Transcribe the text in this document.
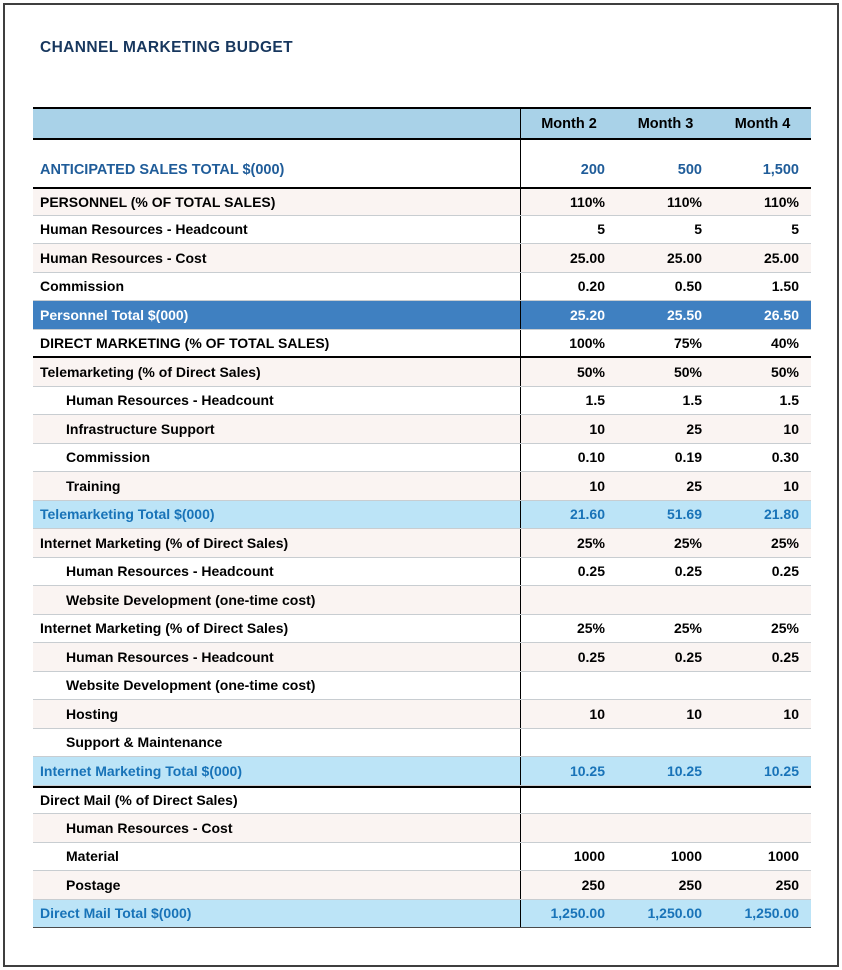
CHANNEL MARKETING BUDGET
Month 2	Month 3	Month 4
ANTICIPATED SALES TOTAL $(000)	200	500	1,500
PERSONNEL (% OF TOTAL SALES)	110%	110%	110%
Human Resources - Headcount	5	5	5
Human Resources - Cost	25.00	25.00	25.00
Commission	0.20	0.50	1.50
Personnel Total $(000)	25.20	25.50	26.50
DIRECT MARKETING (% OF TOTAL SALES)	100%	75%	40%
Telemarketing (% of Direct Sales)	50%	50%	50%
Human Resources - Headcount	1.5	1.5	1.5
Infrastructure Support	10	25	10
Commission	0.10	0.19	0.30
Training	10	25	10
Telemarketing Total $(000)	21.60	51.69	21.80
Internet Marketing (% of Direct Sales)	25%	25%	25%
Human Resources - Headcount	0.25	0.25	0.25
Website Development (one-time cost)
Internet Marketing (% of Direct Sales)	25%	25%	25%
Human Resources - Headcount	0.25	0.25	0.25
Website Development (one-time cost)
Hosting	10	10	10
Support & Maintenance
Internet Marketing Total $(000)	10.25	10.25	10.25
Direct Mail (% of Direct Sales)
Human Resources - Cost
Material	1000	1000	1000
Postage	250	250	250
Direct Mail Total $(000)	1,250.00	1,250.00	1,250.00
